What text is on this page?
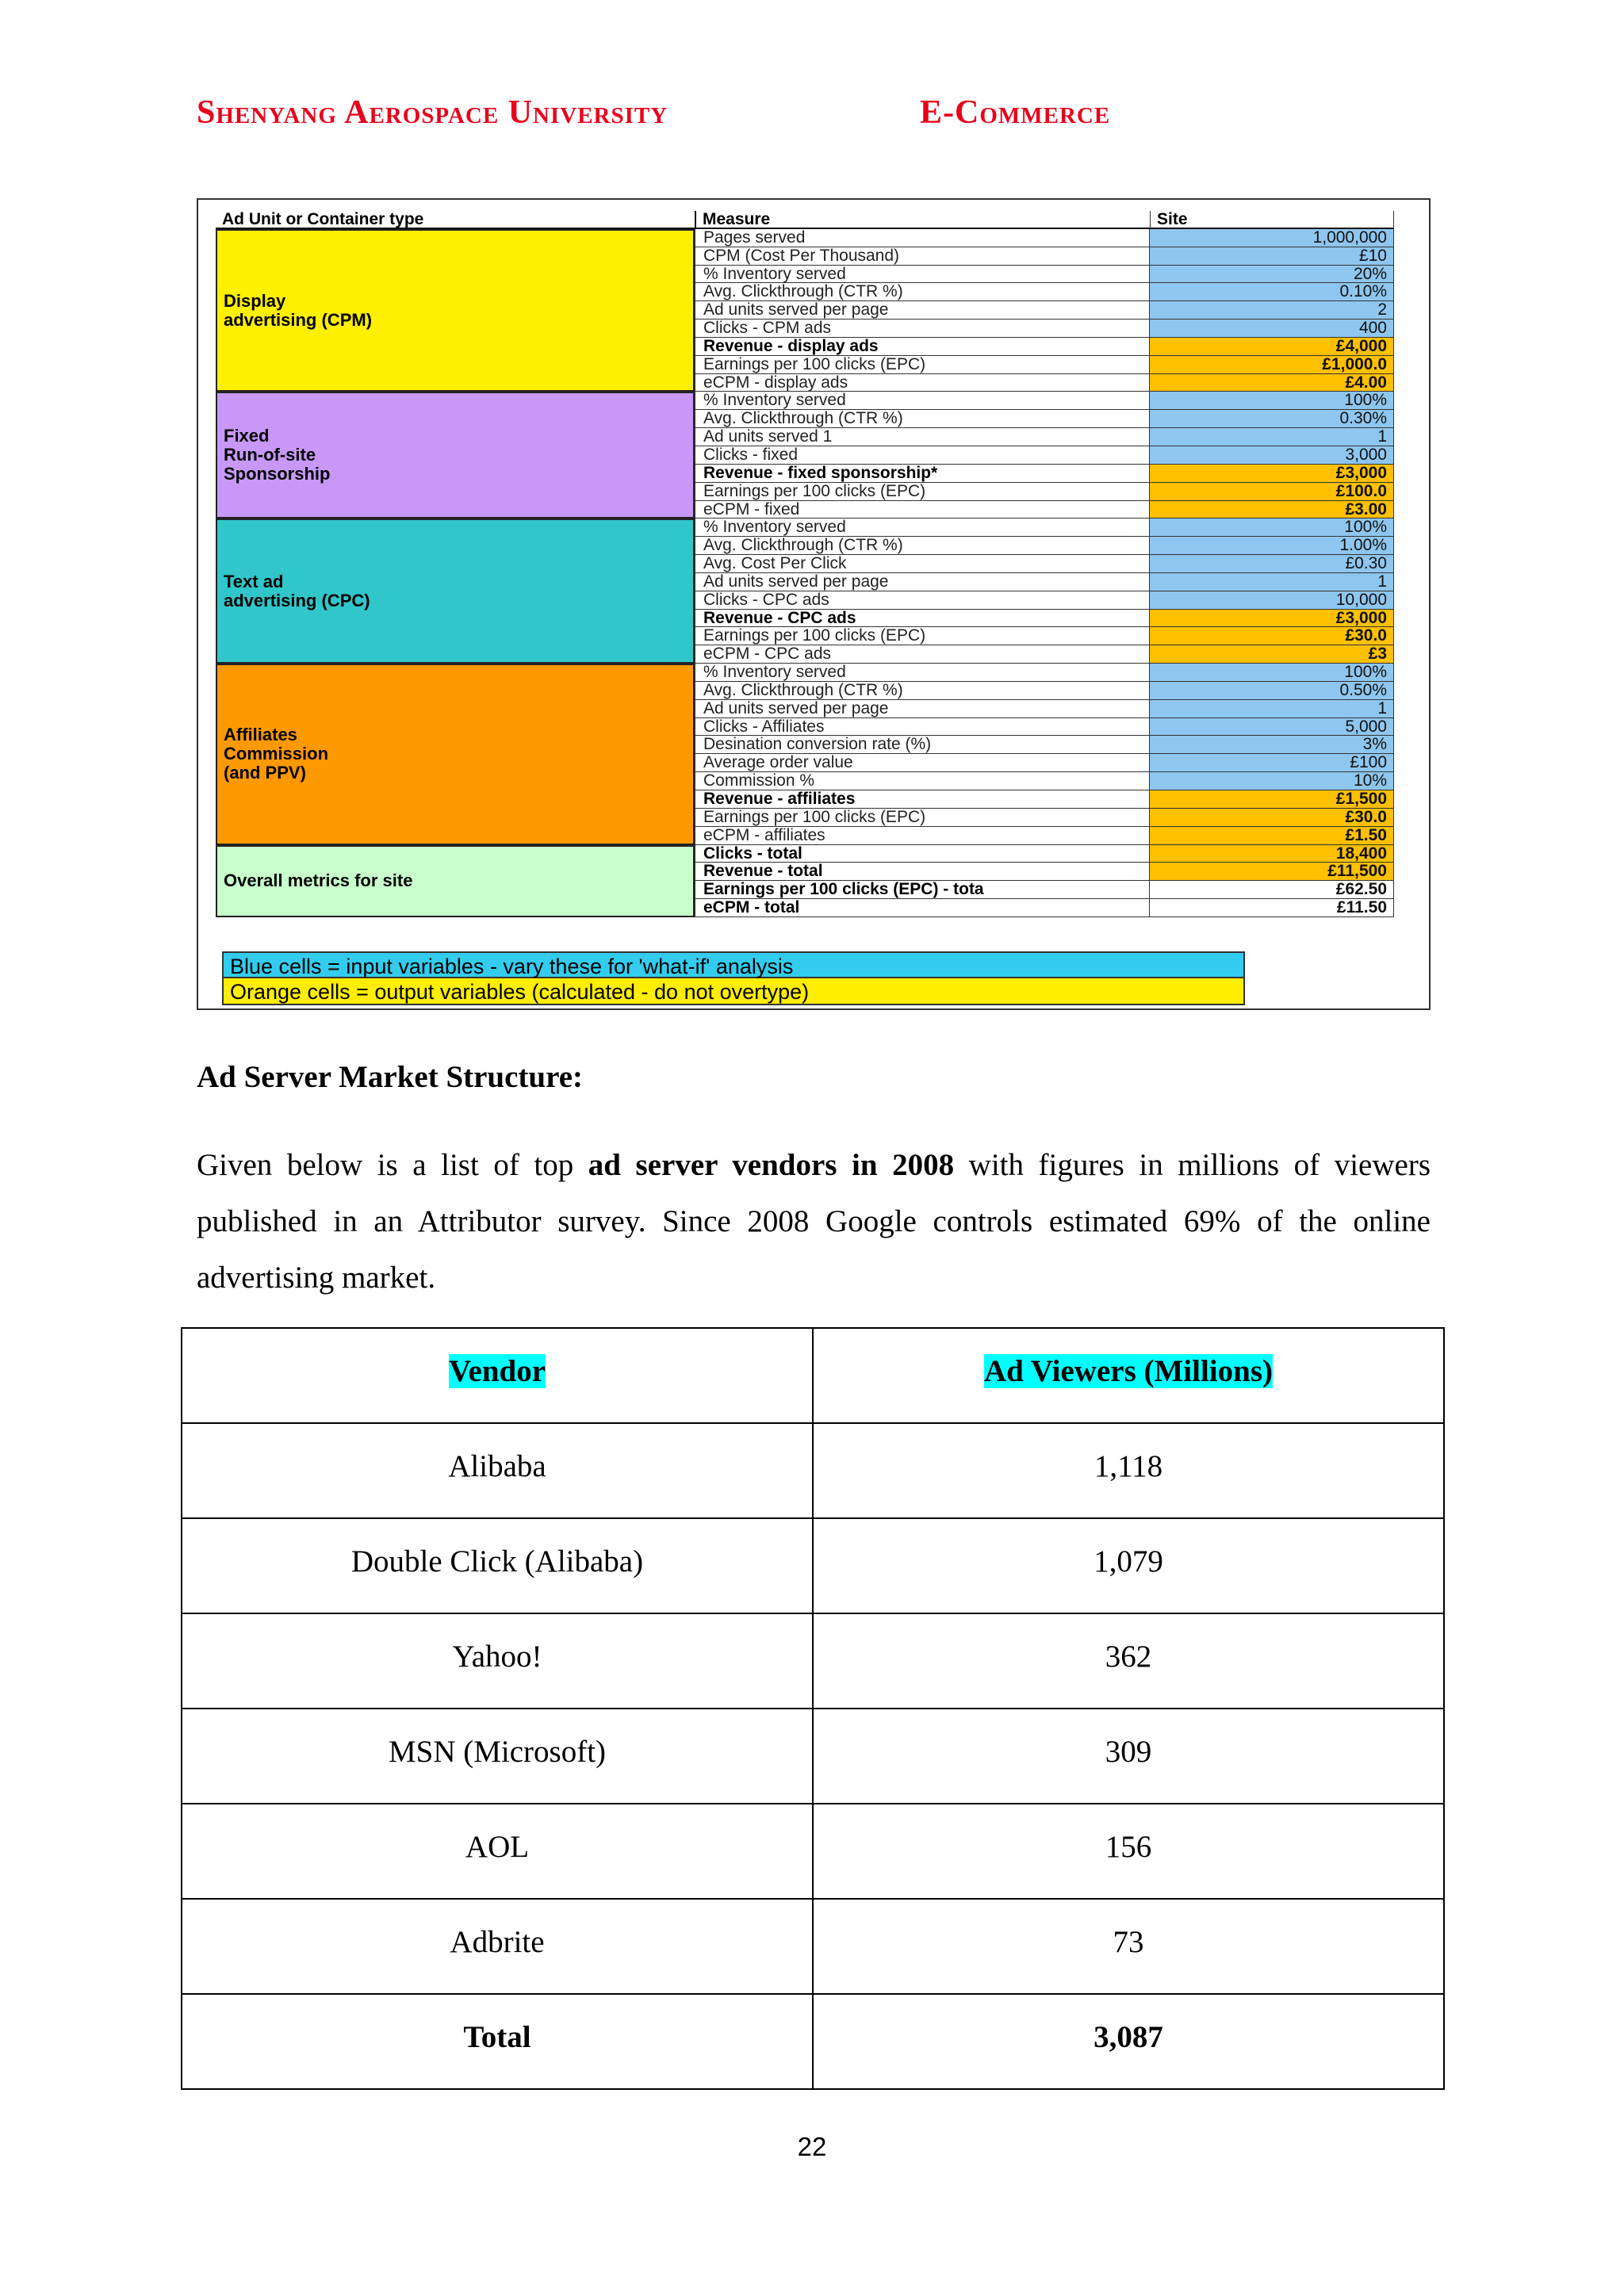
Shenyang Aerospace University	E-Commerce
Ad Unit or Container type	Measure	Site
Display
advertising (CPM)
Pages served	1,000,000
CPM (Cost Per Thousand)	£10
% Inventory served	20%
Avg. Clickthrough (CTR %)	0.10%
Ad units served per page	2
Clicks - CPM ads	400
Revenue - display ads	£4,000
Earnings per 100 clicks (EPC)	£1,000.0
eCPM - display ads	£4.00
Fixed
Run-of-site
Sponsorship
% Inventory served	100%
Avg. Clickthrough (CTR %)	0.30%
Ad units served 1	1
Clicks - fixed	3,000
Revenue - fixed sponsorship*	£3,000
Earnings per 100 clicks (EPC)	£100.0
eCPM - fixed	£3.00
Text ad
advertising (CPC)
% Inventory served	100%
Avg. Clickthrough (CTR %)	1.00%
Avg. Cost Per Click	£0.30
Ad units served per page	1
Clicks - CPC ads	10,000
Revenue - CPC ads	£3,000
Earnings per 100 clicks (EPC)	£30.0
eCPM - CPC ads	£3
Affiliates
Commission
(and PPV)
% Inventory served	100%
Avg. Clickthrough (CTR %)	0.50%
Ad units served per page	1
Clicks - Affiliates	5,000
Desination conversion rate (%)	3%
Average order value	£100
Commission %	10%
Revenue - affiliates	£1,500
Earnings per 100 clicks (EPC)	£30.0
eCPM - affiliates	£1.50
Overall metrics for site
Clicks - total	18,400
Revenue - total	£11,500
Earnings per 100 clicks (EPC) - tota	£62.50
eCPM - total	£11.50
Blue cells = input variables - vary these for 'what-if' analysis
Orange cells = output variables (calculated - do not overtype)
Ad Server Market Structure:

Given below is a list of top ad server vendors in 2008 with figures in millions of viewers published in an Attributor survey. Since 2008 Google controls estimated 69% of the online advertising market.

Vendor	Ad Viewers (Millions)
Alibaba	1,118
Double Click (Alibaba)	1,079
Yahoo!	362
MSN (Microsoft)	309
AOL	156
Adbrite	73
Total	3,087
22
